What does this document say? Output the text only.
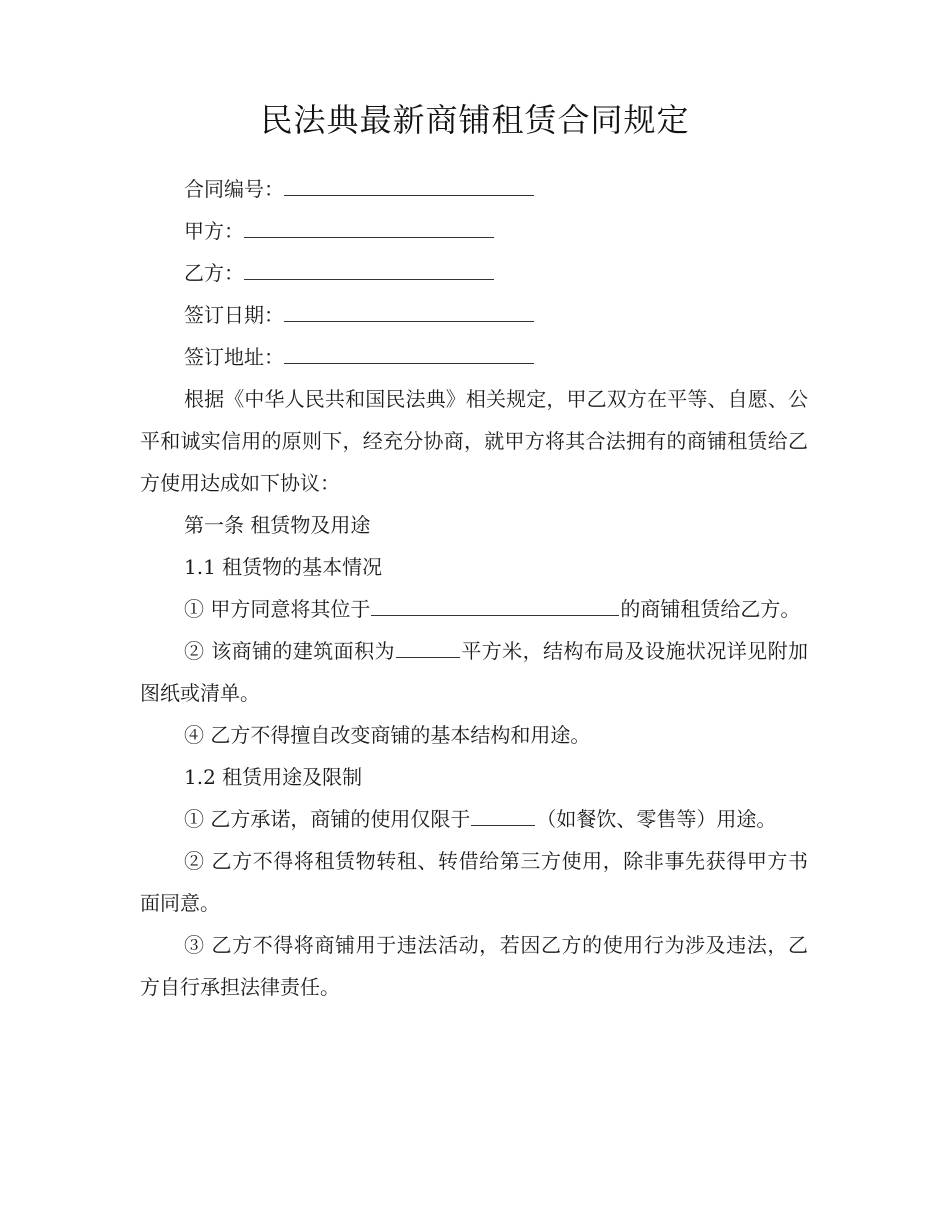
民法典最新商铺租赁合同规定
合同编号：
甲方：
乙方：
签订日期：
签订地址：

根据《中华人民共和国民法典》相关规定，甲乙双方在平等、自愿、公平和诚实信用的原则下，经充分协商，就甲方将其合法拥有的商铺租赁给乙方使用达成如下协议：

第一条 租赁物及用途

1.1 租赁物的基本情况

① 甲方同意将其位于	的商铺租赁给乙方。

② 该商铺的建筑面积为	平方米，结构布局及设施状况详见附加图纸或清单。

④ 乙方不得擅自改变商铺的基本结构和用途。

1.2 租赁用途及限制

① 乙方承诺，商铺的使用仅限于	（如餐饮、零售等）用途。

② 乙方不得将租赁物转租、转借给第三方使用，除非事先获得甲方书面同意。

③ 乙方不得将商铺用于违法活动，若因乙方的使用行为涉及违法，乙方自行承担法律责任。
